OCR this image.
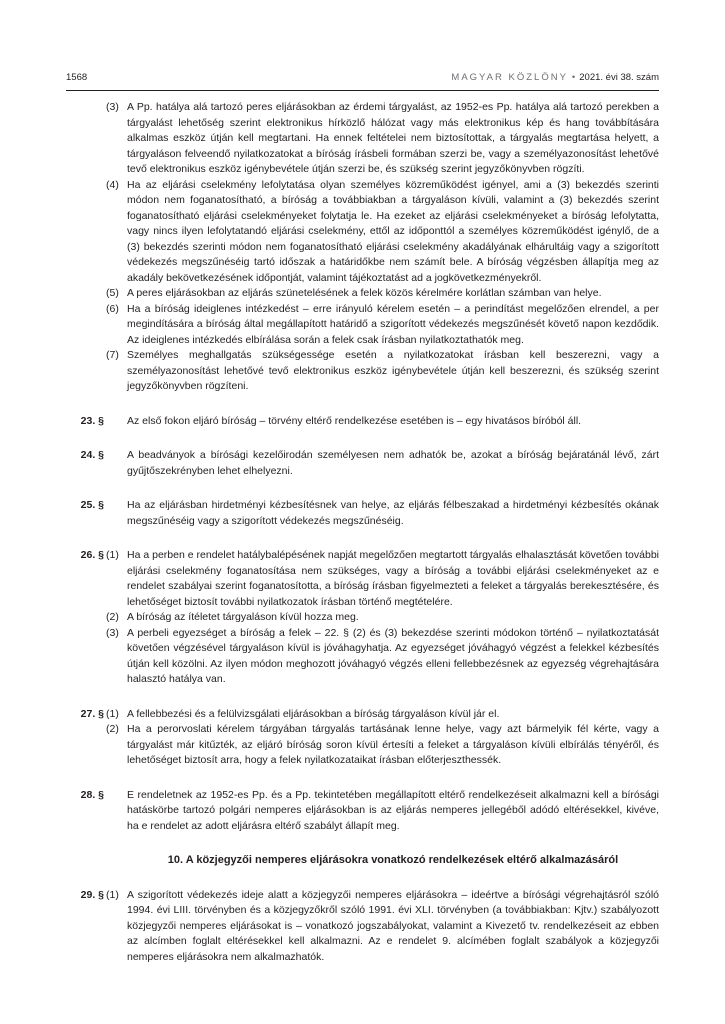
1568	MAGYAR KÖZLÖNY • 2021. évi 38. szám
(3) A Pp. hatálya alá tartozó peres eljárásokban az érdemi tárgyalást, az 1952-es Pp. hatálya alá tartozó perekben a tárgyalást lehetőség szerint elektronikus hírközlő hálózat vagy más elektronikus kép és hang továbbítására alkalmas eszköz útján kell megtartani. Ha ennek feltételei nem biztosítottak, a tárgyalás megtartása helyett, a tárgyaláson felveendő nyilatkozatokat a bíróság írásbeli formában szerzi be, vagy a személyazonosítást lehetővé tevő elektronikus eszköz igénybevétele útján szerzi be, és szükség szerint jegyzőkönyvben rögzíti.
(4) Ha az eljárási cselekmény lefolytatása olyan személyes közreműködést igényel, ami a (3) bekezdés szerinti módon nem foganatosítható, a bíróság a továbbiakban a tárgyaláson kívüli, valamint a (3) bekezdés szerint foganatosítható eljárási cselekményeket folytatja le. Ha ezeket az eljárási cselekményeket a bíróság lefolytatta, vagy nincs ilyen lefolytatandó eljárási cselekmény, ettől az időponttól a személyes közreműködést igénylő, de a (3) bekezdés szerinti módon nem foganatosítható eljárási cselekmény akadályának elhárultáig vagy a szigorított védekezés megszűnéséig tartó időszak a határidőkbe nem számít bele. A bíróság végzésben állapítja meg az akadály bekövetkezésének időpontját, valamint tájékoztatást ad a jogkövetkezményekről.
(5) A peres eljárásokban az eljárás szünetelésének a felek közös kérelmére korlátlan számban van helye.
(6) Ha a bíróság ideiglenes intézkedést – erre irányuló kérelem esetén – a perindítást megelőzően elrendel, a per megindítására a bíróság által megállapított határidő a szigorított védekezés megszűnését követő napon kezdődik. Az ideiglenes intézkedés elbírálása során a felek csak írásban nyilatkoztathatók meg.
(7) Személyes meghallgatás szükségessége esetén a nyilatkozatokat írásban kell beszerezni, vagy a személyazonosítást lehetővé tevő elektronikus eszköz igénybevétele útján kell beszerezni, és szükség szerint jegyzőkönyvben rögzíteni.
23. § Az első fokon eljáró bíróság – törvény eltérő rendelkezése esetében is – egy hivatásos bíróból áll.
24. § A beadványok a bírósági kezelőirodán személyesen nem adhatók be, azokat a bíróság bejáratánál lévő, zárt gyűjtőszekrényben lehet elhelyezni.
25. § Ha az eljárásban hirdetményi kézbesítésnek van helye, az eljárás félbeszakad a hirdetményi kézbesítés okának megszűnéséig vagy a szigorított védekezés megszűnéséig.
26. § (1) Ha a perben e rendelet hatálybalépésének napját megelőzően megtartott tárgyalás elhalasztását követően további eljárási cselekmény foganatosítása nem szükséges, vagy a bíróság a további eljárási cselekményeket az e rendelet szabályai szerint foganatosította, a bíróság írásban figyelmezteti a feleket a tárgyalás berekesztésére, és lehetőséget biztosít további nyilatkozatok írásban történő megtételére.
(2) A bíróság az ítéletet tárgyaláson kívül hozza meg.
(3) A perbeli egyezséget a bíróság a felek – 22. § (2) és (3) bekezdése szerinti módokon történő – nyilatkoztatását követően végzésével tárgyaláson kívül is jóváhagyhatja. Az egyezséget jóváhagyó végzést a felekkel kézbesítés útján kell közölni. Az ilyen módon meghozott jóváhagyó végzés elleni fellebbezésnek az egyezség végrehajtására halasztó hatálya van.
27. § (1) A fellebbezési és a felülvizsgálati eljárásokban a bíróság tárgyaláson kívül jár el.
(2) Ha a perorvoslati kérelem tárgyában tárgyalás tartásának lenne helye, vagy azt bármelyik fél kérte, vagy a tárgyalást már kitűzték, az eljáró bíróság soron kívül értesíti a feleket a tárgyaláson kívüli elbírálás tényéről, és lehetőséget biztosít arra, hogy a felek nyilatkozataikat írásban előterjeszthessék.
28. § E rendeletnek az 1952-es Pp. és a Pp. tekintetében megállapított eltérő rendelkezéseit alkalmazni kell a bírósági hatáskörbe tartozó polgári nemperes eljárásokban is az eljárás nemperes jellegéből adódó eltérésekkel, kivéve, ha e rendelet az adott eljárásra eltérő szabályt állapít meg.
10. A közjegyzői nemperes eljárásokra vonatkozó rendelkezések eltérő alkalmazásáról
29. § (1) A szigorított védekezés ideje alatt a közjegyzői nemperes eljárásokra – ideértve a bírósági végrehajtásról szóló 1994. évi LIII. törvényben és a közjegyzőkről szóló 1991. évi XLI. törvényben (a továbbiakban: Kjtv.) szabályozott közjegyzői nemperes eljárásokat is – vonatkozó jogszabályokat, valamint a Kivezető tv. rendelkezéseit az ebben az alcímben foglalt eltérésekkel kell alkalmazni. Az e rendelet 9. alcímében foglalt szabályok a közjegyzői nemperes eljárásokra nem alkalmazhatók.
